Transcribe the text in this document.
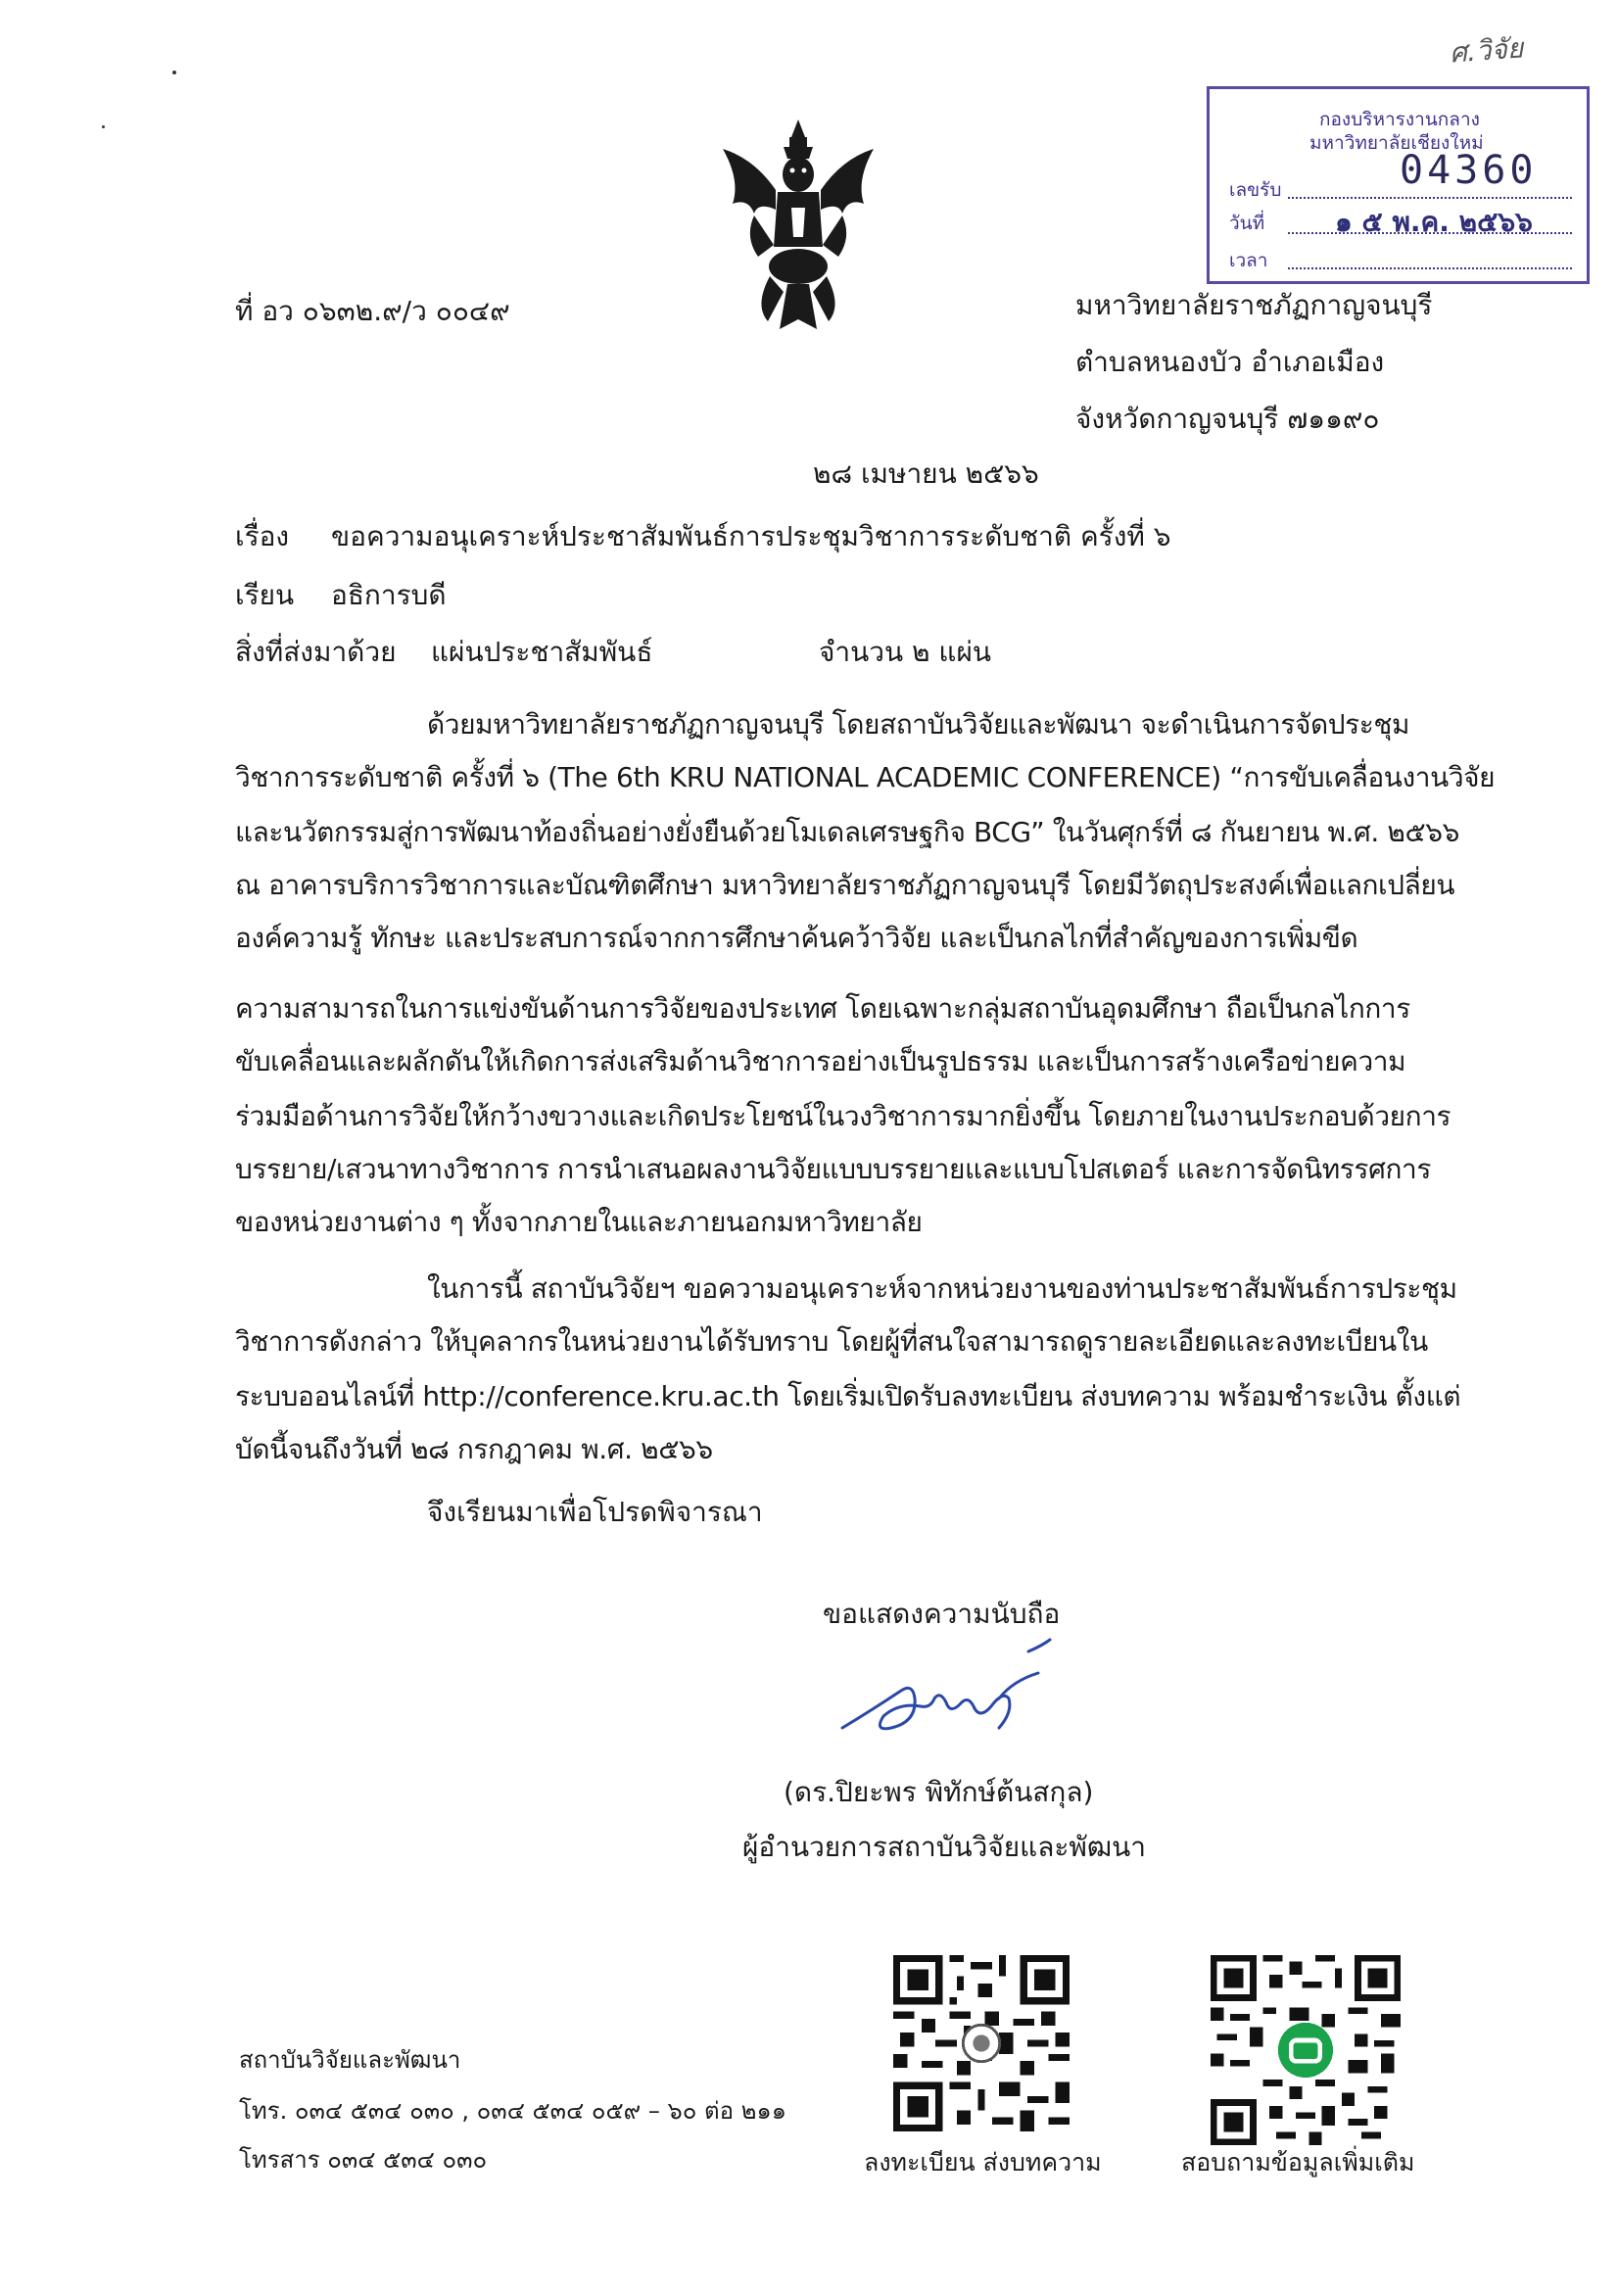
ศ.วิจัย
กองบริหารงานกลาง
มหาวิทยาลัยเชียงใหม่
เลขรับ	04360
วันที่	๑ ๕ พ.ค. ๒๕๖๖
เวลา
ที่ อว ๐๖๓๒.๙/ว ๐๐๔๙	มหาวิทยาลัยราชภัฏกาญจนบุรี
ตำบลหนองบัว อำเภอเมือง
จังหวัดกาญจนบุรี ๗๑๑๙๐
๒๘ เมษายน ๒๕๖๖
เรื่อง ขอความอนุเคราะห์ประชาสัมพันธ์การประชุมวิชาการระดับชาติ ครั้งที่ ๖
เรียน อธิการบดี
สิ่งที่ส่งมาด้วย แผ่นประชาสัมพันธ์	จำนวน ๒ แผ่น
ด้วยมหาวิทยาลัยราชภัฏกาญจนบุรี โดยสถาบันวิจัยและพัฒนา จะดำเนินการจัดประชุม
วิชาการระดับชาติ ครั้งที่ ๖ (The 6th KRU NATIONAL ACADEMIC CONFERENCE) “การขับเคลื่อนงานวิจัย
และนวัตกรรมสู่การพัฒนาท้องถิ่นอย่างยั่งยืนด้วยโมเดลเศรษฐกิจ BCG” ในวันศุกร์ที่ ๘ กันยายน พ.ศ. ๒๕๖๖
ณ อาคารบริการวิชาการและบัณฑิตศึกษา มหาวิทยาลัยราชภัฏกาญจนบุรี โดยมีวัตถุประสงค์เพื่อแลกเปลี่ยน
องค์ความรู้ ทักษะ และประสบการณ์จากการศึกษาค้นคว้าวิจัย และเป็นกลไกที่สำคัญของการเพิ่มขีด
ความสามารถในการแข่งขันด้านการวิจัยของประเทศ โดยเฉพาะกลุ่มสถาบันอุดมศึกษา ถือเป็นกลไกการ
ขับเคลื่อนและผลักดันให้เกิดการส่งเสริมด้านวิชาการอย่างเป็นรูปธรรม และเป็นการสร้างเครือข่ายความ
ร่วมมือด้านการวิจัยให้กว้างขวางและเกิดประโยชน์ในวงวิชาการมากยิ่งขึ้น โดยภายในงานประกอบด้วยการ
บรรยาย/เสวนาทางวิชาการ การนำเสนอผลงานวิจัยแบบบรรยายและแบบโปสเตอร์ และการจัดนิทรรศการ
ของหน่วยงานต่าง ๆ ทั้งจากภายในและภายนอกมหาวิทยาลัย
ในการนี้ สถาบันวิจัยฯ ขอความอนุเคราะห์จากหน่วยงานของท่านประชาสัมพันธ์การประชุม
วิชาการดังกล่าว ให้บุคลากรในหน่วยงานได้รับทราบ โดยผู้ที่สนใจสามารถดูรายละเอียดและลงทะเบียนใน
ระบบออนไลน์ที่ http://conference.kru.ac.th โดยเริ่มเปิดรับลงทะเบียน ส่งบทความ พร้อมชำระเงิน ตั้งแต่
บัดนี้จนถึงวันที่ ๒๘ กรกฎาคม พ.ศ. ๒๕๖๖
จึงเรียนมาเพื่อโปรดพิจารณา
ขอแสดงความนับถือ
(ดร.ปิยะพร พิทักษ์ต้นสกุล)
ผู้อำนวยการสถาบันวิจัยและพัฒนา
ลงทะเบียน ส่งบทความ	สอบถามข้อมูลเพิ่มเติม
สถาบันวิจัยและพัฒนา
โทร. ๐๓๔ ๕๓๔ ๐๓๐ , ๐๓๔ ๕๓๔ ๐๕๙ – ๖๐ ต่อ ๒๑๑
โทรสาร ๐๓๔ ๕๓๔ ๐๓๐
